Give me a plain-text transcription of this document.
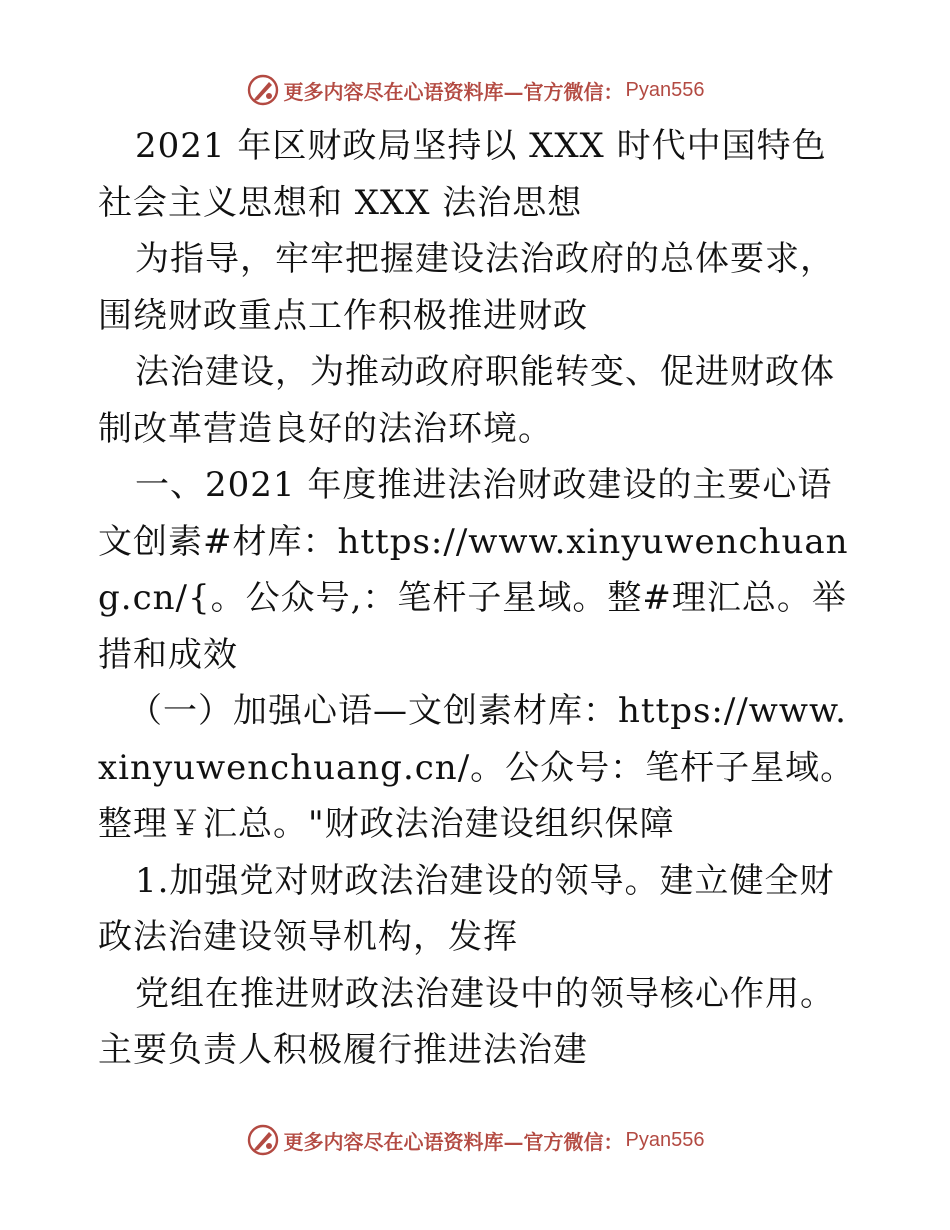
更多内容尽在心语资料库—官方微信： Pyan556

2021 年区财政局坚持以 XXX 时代中国特色社会主义思想和 XXX 法治思想

为指导，牢牢把握建设法治政府的总体要求，围绕财政重点工作积极推进财政

法治建设，为推动政府职能转变、促进财政体制改革营造良好的法治环境。

一、2021 年度推进法治财政建设的主要心语文创素#材库：https://www.xinyuwenchuang.cn/{。公众号,：笔杆子星域。整#理汇总。举措和成效

（一）加强心语—文创素材库：https://www.xinyuwenchuang.cn/。公众号：笔杆子星域。整理￥汇总。"财政法治建设组织保障

1.加强党对财政法治建设的领导。建立健全财政法治建设领导机构，发挥

党组在推进财政法治建设中的领导核心作用。主要负责人积极履行推进法治建

更多内容尽在心语资料库—官方微信： Pyan556
